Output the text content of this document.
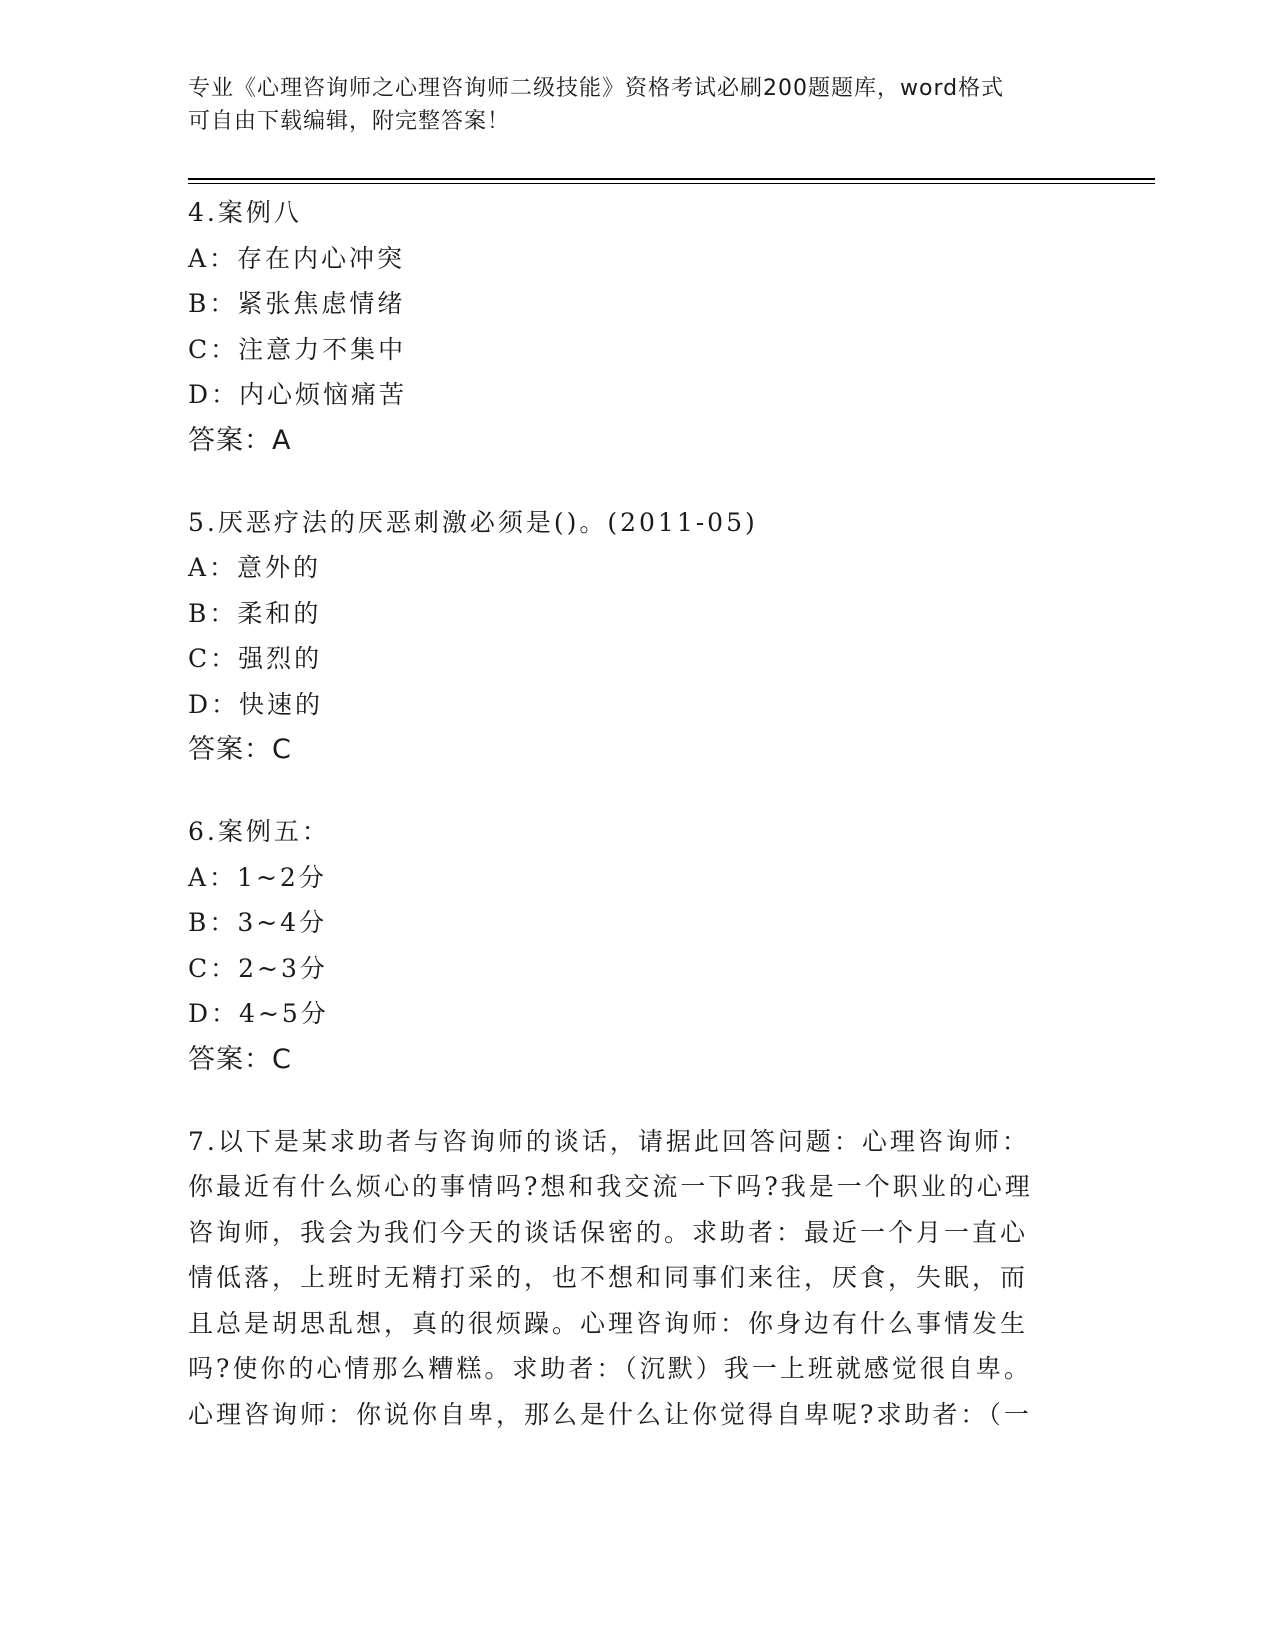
专业《心理咨询师之心理咨询师二级技能》资格考试必刷200题题库，word格式
可自由下载编辑，附完整答案！
4.案例八
A：存在内心冲突
B：紧张焦虑情绪
C：注意力不集中
D：内心烦恼痛苦
答案：A
5.厌恶疗法的厌恶刺激必须是()。(2011-05)
A：意外的
B：柔和的
C：强烈的
D：快速的
答案：C
6.案例五：
A：1~2分
B：3~4分
C：2~3分
D：4~5分
答案：C
7.以下是某求助者与咨询师的谈话，请据此回答问题：心理咨询师：
你最近有什么烦心的事情吗?想和我交流一下吗?我是一个职业的心理
咨询师，我会为我们今天的谈话保密的。求助者：最近一个月一直心
情低落，上班时无精打采的，也不想和同事们来往，厌食，失眠，而
且总是胡思乱想，真的很烦躁。心理咨询师：你身边有什么事情发生
吗?使你的心情那么糟糕。求助者：（沉默）我一上班就感觉很自卑。
心理咨询师：你说你自卑，那么是什么让你觉得自卑呢?求助者：（一
